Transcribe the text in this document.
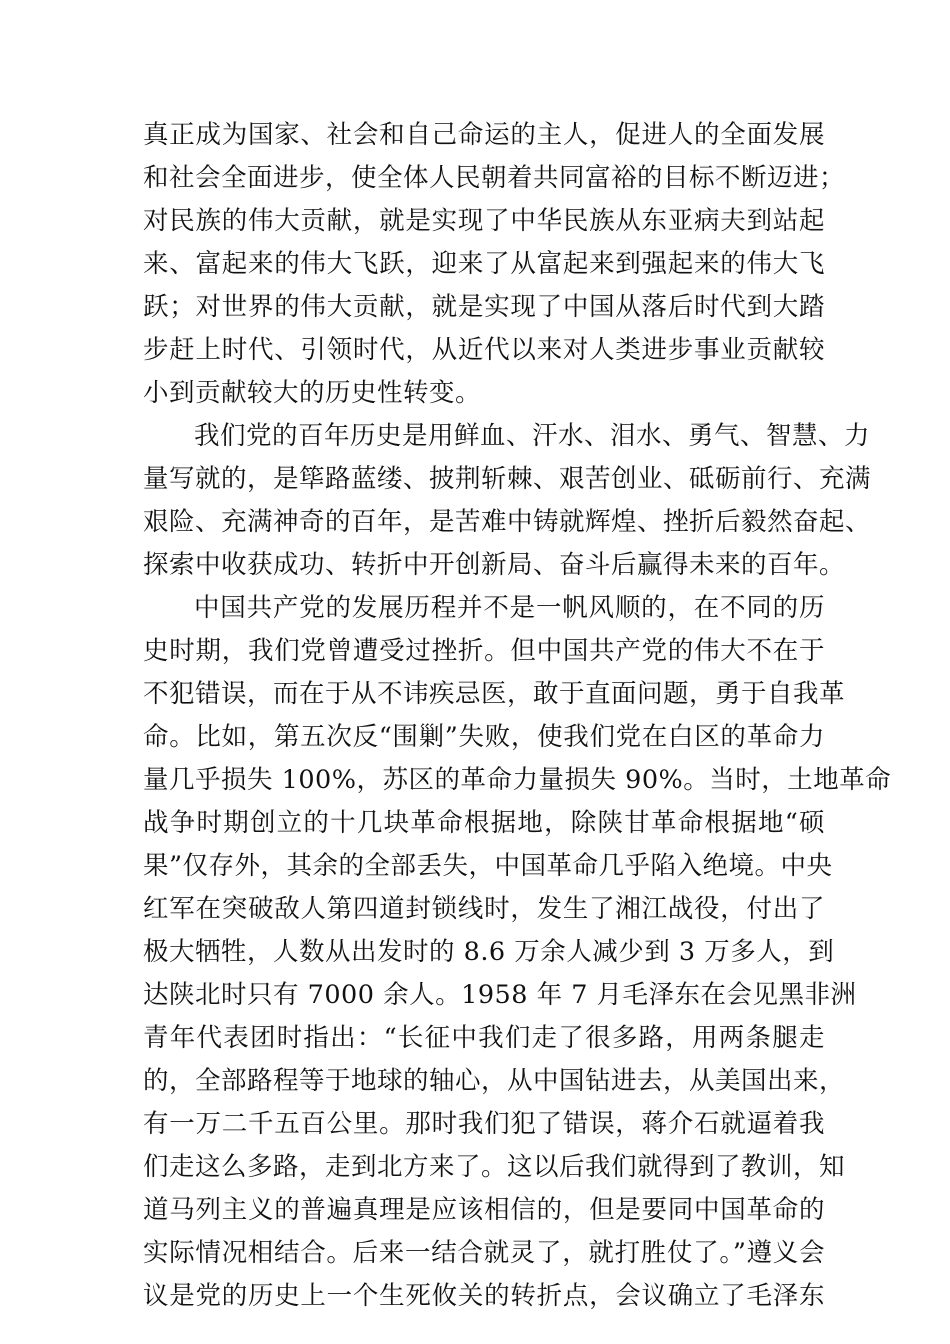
真正成为国家、社会和自己命运的主人，促进人的全面发展
和社会全面进步，使全体人民朝着共同富裕的目标不断迈进；
对民族的伟大贡献，就是实现了中华民族从东亚病夫到站起
来、富起来的伟大飞跃，迎来了从富起来到强起来的伟大飞
跃；对世界的伟大贡献，就是实现了中国从落后时代到大踏
步赶上时代、引领时代，从近代以来对人类进步事业贡献较
小到贡献较大的历史性转变。
我们党的百年历史是用鲜血、汗水、泪水、勇气、智慧、力
量写就的，是筚路蓝缕、披荆斩棘、艰苦创业、砥砺前行、充满
艰险、充满神奇的百年，是苦难中铸就辉煌、挫折后毅然奋起、
探索中收获成功、转折中开创新局、奋斗后赢得未来的百年。
中国共产党的发展历程并不是一帆风顺的，在不同的历
史时期，我们党曾遭受过挫折。但中国共产党的伟大不在于
不犯错误，而在于从不讳疾忌医，敢于直面问题，勇于自我革
命。比如，第五次反“围剿”失败，使我们党在白区的革命力
量几乎损失 100%，苏区的革命力量损失 90%。当时，土地革命
战争时期创立的十几块革命根据地，除陕甘革命根据地“硕
果”仅存外，其余的全部丢失，中国革命几乎陷入绝境。中央
红军在突破敌人第四道封锁线时，发生了湘江战役，付出了
极大牺牲，人数从出发时的 8.6 万余人减少到 3 万多人，到
达陕北时只有 7000 余人。1958 年 7 月毛泽东在会见黑非洲
青年代表团时指出：“长征中我们走了很多路，用两条腿走
的，全部路程等于地球的轴心，从中国钻进去，从美国出来，
有一万二千五百公里。那时我们犯了错误，蒋介石就逼着我
们走这么多路，走到北方来了。这以后我们就得到了教训，知
道马列主义的普遍真理是应该相信的，但是要同中国革命的
实际情况相结合。后来一结合就灵了，就打胜仗了。”遵义会
议是党的历史上一个生死攸关的转折点，会议确立了毛泽东
